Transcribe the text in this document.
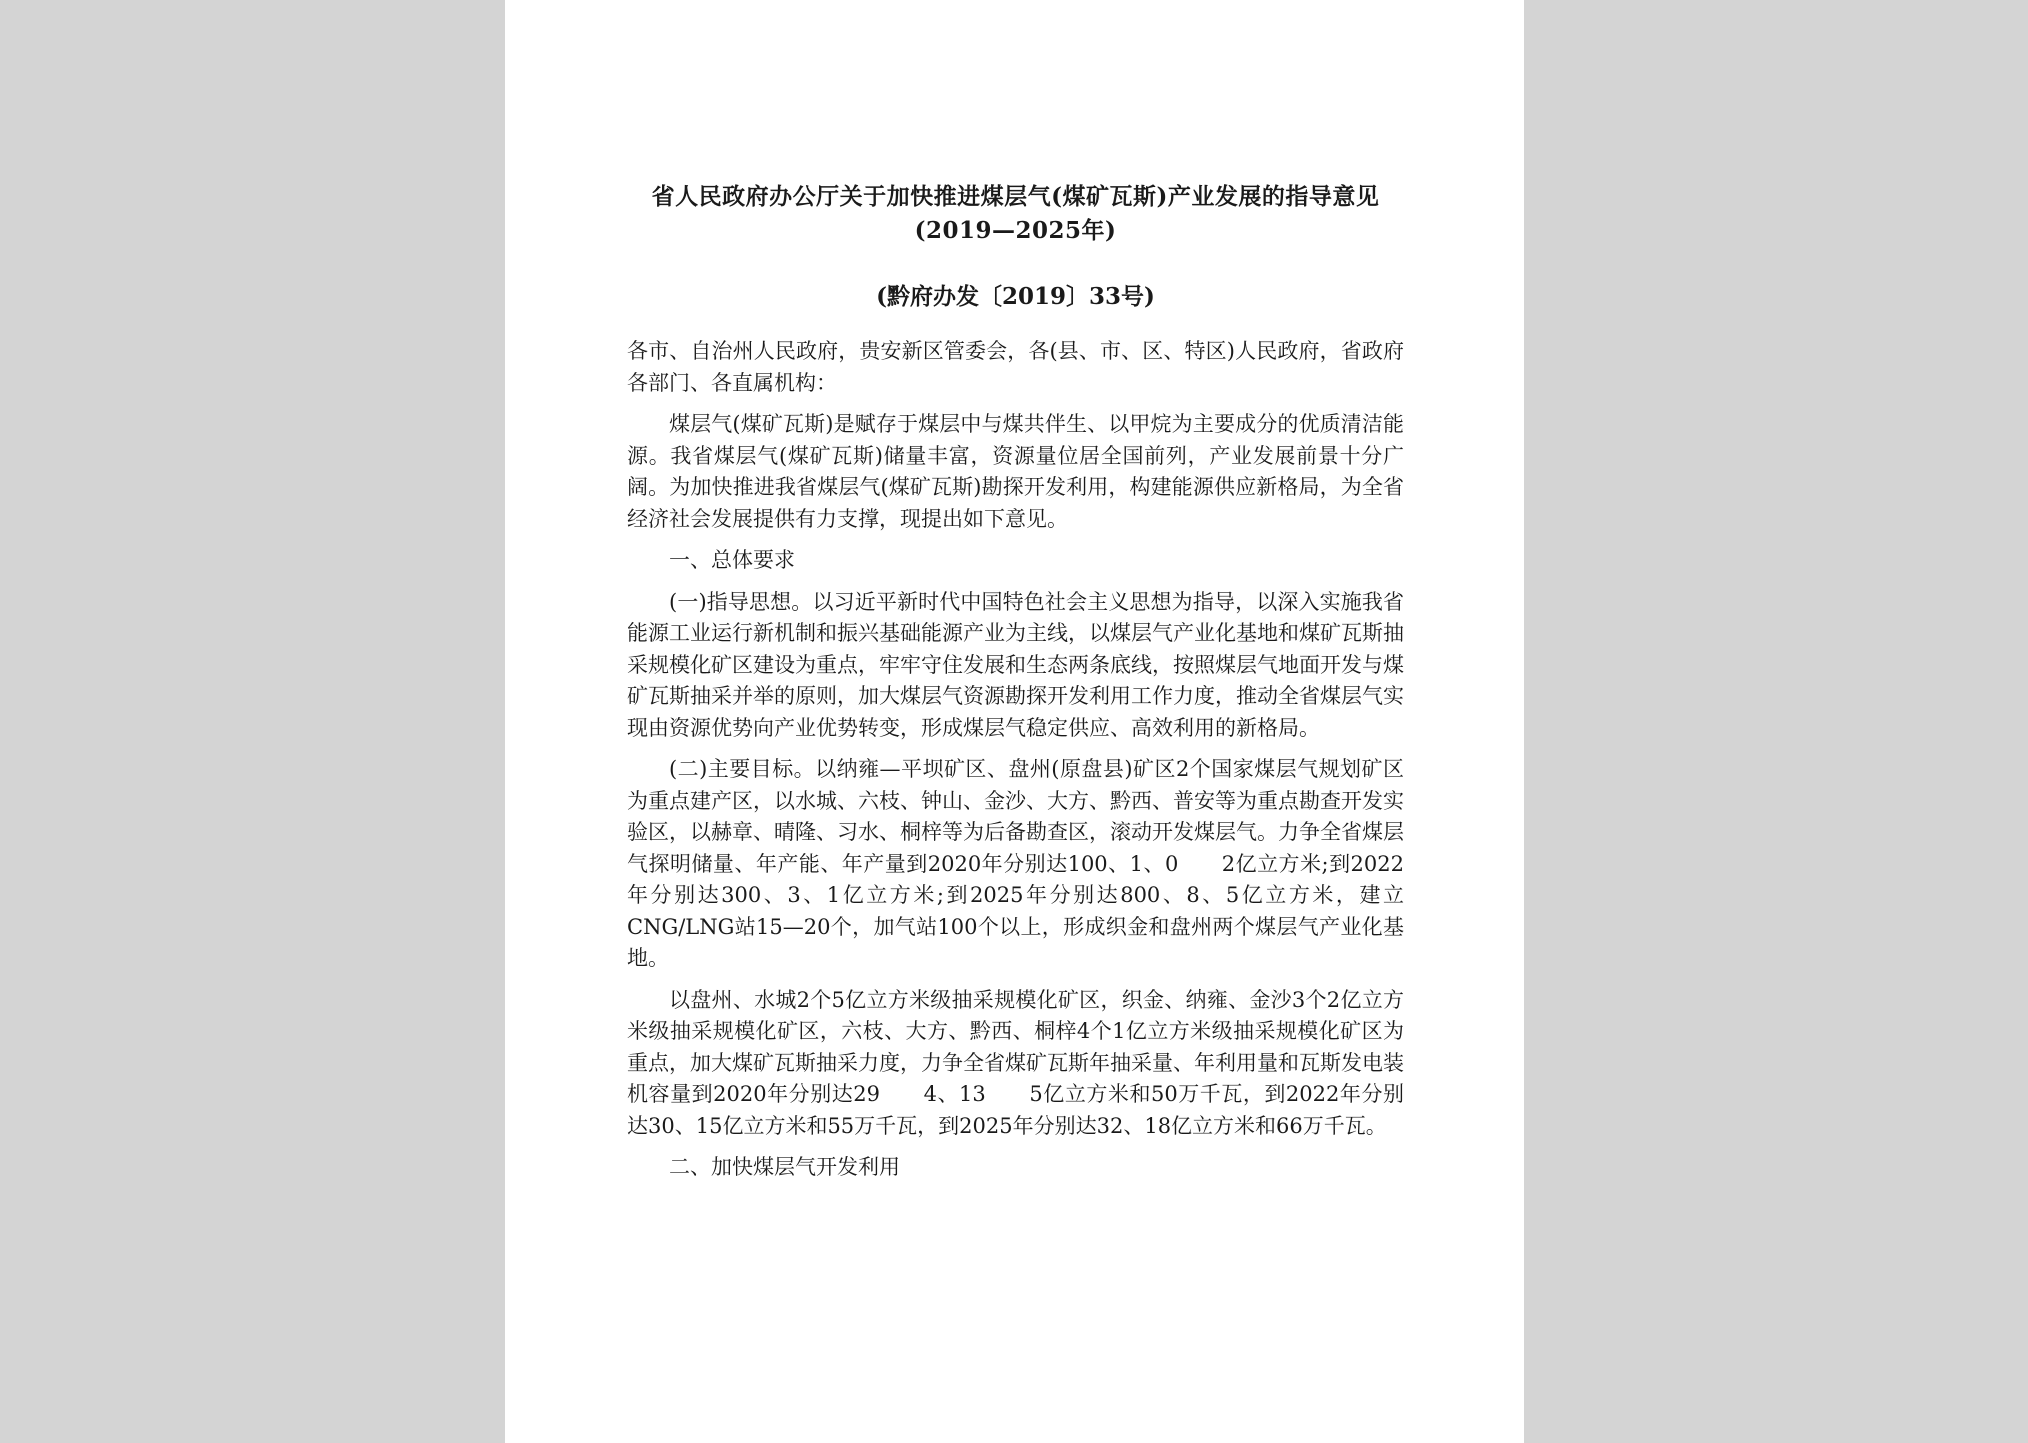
省人民政府办公厅关于加快推进煤层气(煤矿瓦斯)产业发展的指导意见(2019—2025年)

(黔府办发〔2019〕33号)

各市、自治州人民政府，贵安新区管委会，各(县、市、区、特区)人民政府，省政府各部门、各直属机构：

煤层气(煤矿瓦斯)是赋存于煤层中与煤共伴生、以甲烷为主要成分的优质清洁能源。我省煤层气(煤矿瓦斯)储量丰富，资源量位居全国前列，产业发展前景十分广阔。为加快推进我省煤层气(煤矿瓦斯)勘探开发利用，构建能源供应新格局，为全省经济社会发展提供有力支撑，现提出如下意见。

一、总体要求

(一)指导思想。以习近平新时代中国特色社会主义思想为指导，以深入实施我省能源工业运行新机制和振兴基础能源产业为主线，以煤层气产业化基地和煤矿瓦斯抽采规模化矿区建设为重点，牢牢守住发展和生态两条底线，按照煤层气地面开发与煤矿瓦斯抽采并举的原则，加大煤层气资源勘探开发利用工作力度，推动全省煤层气实现由资源优势向产业优势转变，形成煤层气稳定供应、高效利用的新格局。

(二)主要目标。以纳雍—平坝矿区、盘州(原盘县)矿区2个国家煤层气规划矿区为重点建产区，以水城、六枝、钟山、金沙、大方、黔西、普安等为重点勘查开发实验区，以赫章、晴隆、习水、桐梓等为后备勘查区，滚动开发煤层气。力争全省煤层气探明储量、年产能、年产量到2020年分别达100、1、0　　2亿立方米;到2022年分别达300、3、1亿立方米;到2025年分别达800、8、5亿立方米，建立CNG/LNG站15—20个，加气站100个以上，形成织金和盘州两个煤层气产业化基地。

以盘州、水城2个5亿立方米级抽采规模化矿区，织金、纳雍、金沙3个2亿立方米级抽采规模化矿区，六枝、大方、黔西、桐梓4个1亿立方米级抽采规模化矿区为重点，加大煤矿瓦斯抽采力度，力争全省煤矿瓦斯年抽采量、年利用量和瓦斯发电装机容量到2020年分别达29　　4、13　　5亿立方米和50万千瓦，到2022年分别达30、15亿立方米和55万千瓦，到2025年分别达32、18亿立方米和66万千瓦。

二、加快煤层气开发利用
